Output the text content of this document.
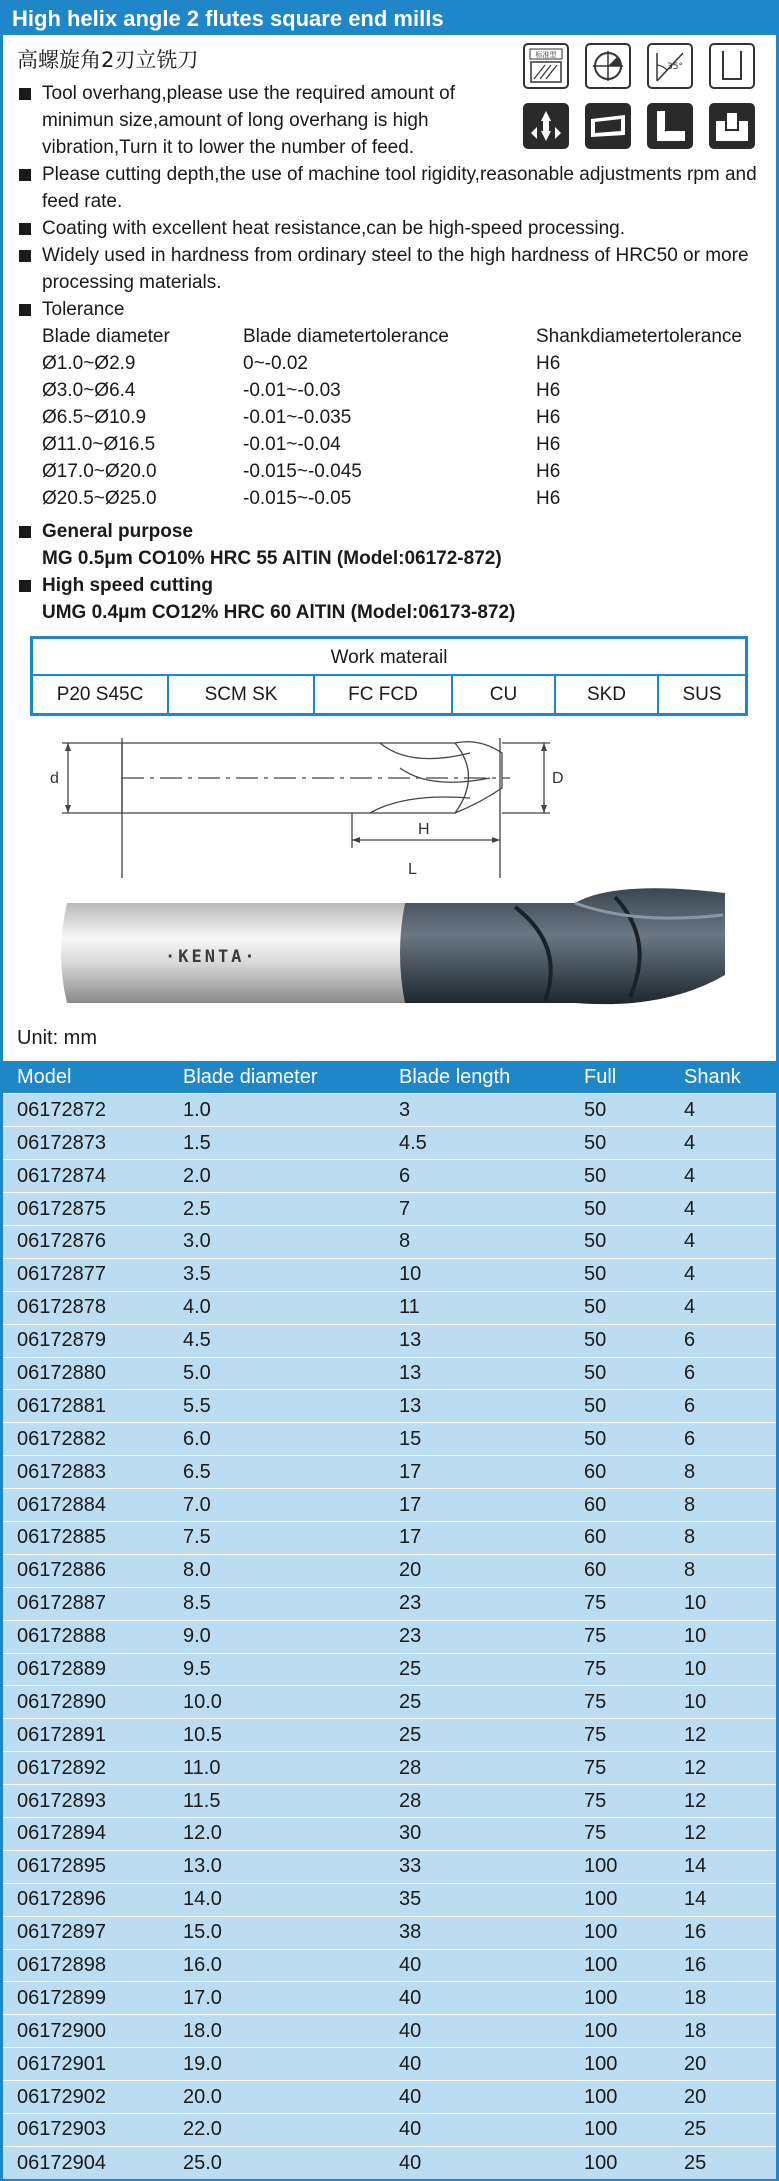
High helix angle 2 flutes square end mills
高螺旋角2刃立铣刀	标准型
35°
Tool overhang,please use the required amount of minimun size,amount of long overhang is high vibration,Turn it to lower the number of feed.
Please cutting depth,the use of machine tool rigidity,reasonable adjustments rpm and feed rate.
Coating with excellent heat resistance,can be high-speed processing.
Widely used in hardness from ordinary steel to the high hardness of HRC50 or more processing materials.
Tolerance
Blade diameter	Blade diametertolerance	Shankdiametertolerance
Ø1.0~Ø2.9	0~-0.02	H6
Ø3.0~Ø6.4	-0.01~-0.03	H6
Ø6.5~Ø10.9	-0.01~-0.035	H6
Ø11.0~Ø16.5	-0.01~-0.04	H6
Ø17.0~Ø20.0	-0.015~-0.045	H6
Ø20.5~Ø25.0	-0.015~-0.05	H6
General purpose
MG 0.5μm CO10% HRC 55 AlTIN (Model:06172-872)
High speed cutting
UMG 0.4μm CO12% HRC 60 AlTIN (Model:06173-872)
Work materail
P20 S45C	SCM SK	FC FCD	CU	SKD	SUS
d	D
H
L
·KENTA·
Unit: mm
Model	Blade diameter	Blade length	Full	Shank
06172872	1.0	3	50	4
06172873	1.5	4.5	50	4
06172874	2.0	6	50	4
06172875	2.5	7	50	4
06172876	3.0	8	50	4
06172877	3.5	10	50	4
06172878	4.0	11	50	4
06172879	4.5	13	50	6
06172880	5.0	13	50	6
06172881	5.5	13	50	6
06172882	6.0	15	50	6
06172883	6.5	17	60	8
06172884	7.0	17	60	8
06172885	7.5	17	60	8
06172886	8.0	20	60	8
06172887	8.5	23	75	10
06172888	9.0	23	75	10
06172889	9.5	25	75	10
06172890	10.0	25	75	10
06172891	10.5	25	75	12
06172892	11.0	28	75	12
06172893	11.5	28	75	12
06172894	12.0	30	75	12
06172895	13.0	33	100	14
06172896	14.0	35	100	14
06172897	15.0	38	100	16
06172898	16.0	40	100	16
06172899	17.0	40	100	18
06172900	18.0	40	100	18
06172901	19.0	40	100	20
06172902	20.0	40	100	20
06172903	22.0	40	100	25
06172904	25.0	40	100	25
